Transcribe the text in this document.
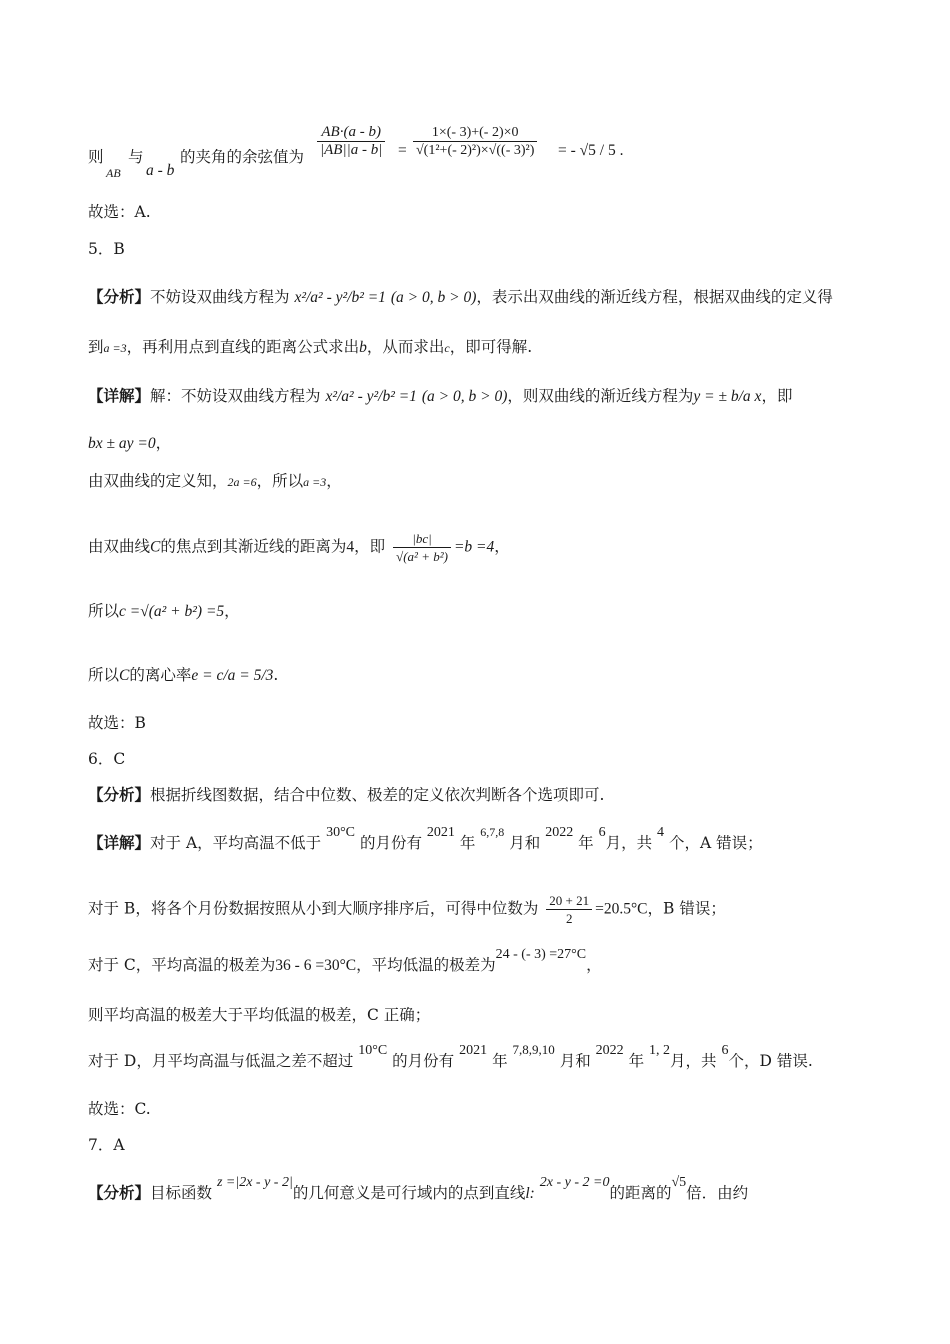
则
AB
与
a - b
的夹角的余弦值为 $\frac{AB\cdot(a - b)}{|AB||a - b|} = \frac{1\times(- 3)+(- 2)\times 0}{\text{√(1²+(- 2)²)×√((- 3)²)}}$ = - √5 / 5 .
故选：A.
5．B
【分析】不妨设双曲线方程为 x²/a² - y²/b² =1 (a > 0, b > 0)，表示出双曲线的渐近线方程，根据双曲线的定义得
到a =3，再利用点到直线的距离公式求出b，从而求出c，即可得解.
【详解】解：不妨设双曲线方程为 x²/a² - y²/b² =1 (a > 0, b > 0)，则双曲线的渐近线方程为y = ± b/a x，即
bx ± ay =0，
由双曲线的定义知，2a =6，所以a =3，
由双曲线C的焦点到其渐近线的距离为4，即 $\frac{|bc|}{\text{√(a² + b²)}} =b =4$，
所以c =√(a² + b²) =5，
所以C的离心率e = c/a = 5/3.
故选：B
6．C
【分析】根据折线图数据，结合中位数、极差的定义依次判断各个选项即可.
【详解】对于 A，平均高温不低于 30°C 的月份有 2021 年 $^{6,7,8}$ 月和 2022 年 6月，共 4 个，A 错误；
对于 B，将各个月份数据按照从小到大顺序排序后，可得中位数为 $\frac{20 + 21}{2} =20.5^\circ C$，B 错误；
对于 C，平均高温的极差为36 - 6 =30°C，平均低温的极差为24 - (- 3) =27°C，
则平均高温的极差大于平均低温的极差，C 正确；
对于 D，月平均高温与低温之差不超过 10°C 的月份有 2021 年 $^{7,8,9,10}$ 月和 2022 年 1, 2月，共 6个，D 错误.
故选：C.
7．A
【分析】目标函数 z =|2x - y - 2|的几何意义是可行域内的点到直线l: 2x - y - 2 =0的距离的√5倍．由约
